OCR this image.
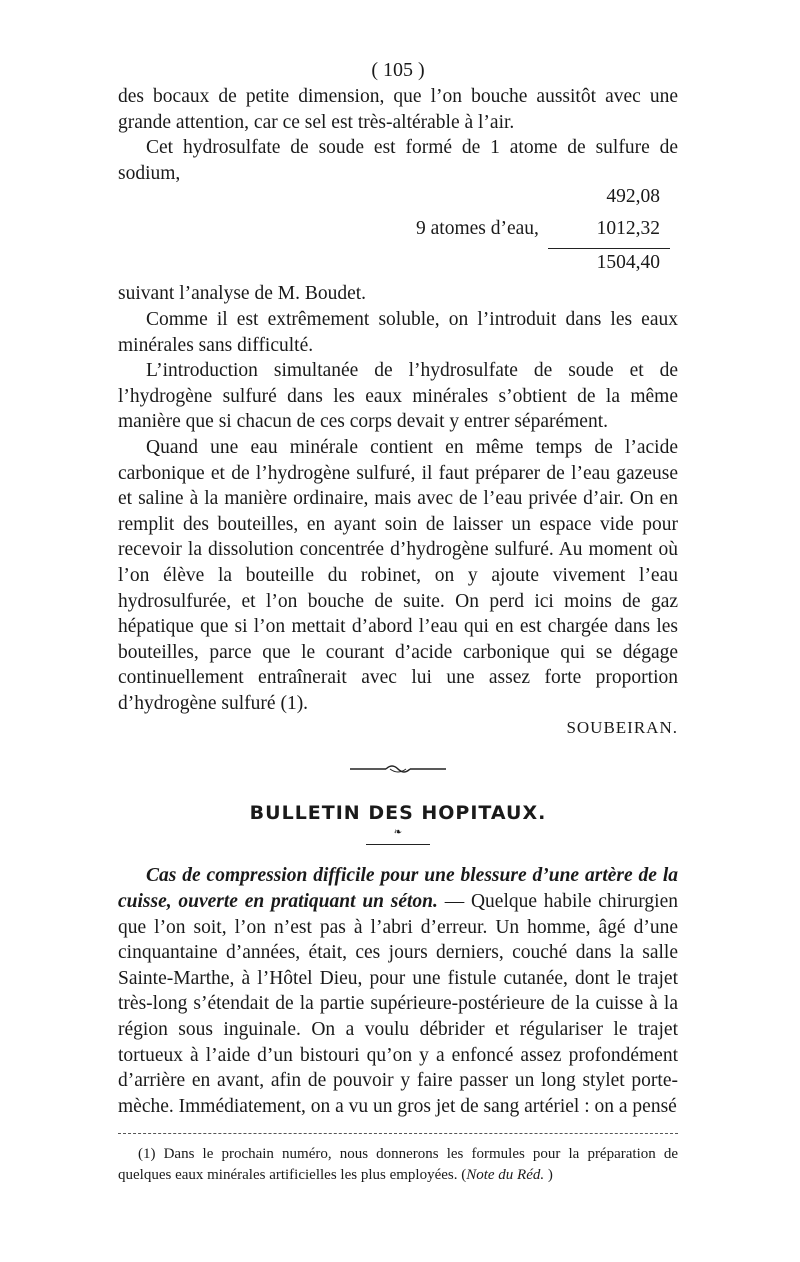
( 105 )

des bocaux de petite dimension, que l’on bouche aussitôt avec une grande attention, car ce sel est très-altérable à l’air.

Cet hydrosulfate de soude est formé de 1 atome de sulfure de sodium,

492,08
9 atomes d’eau,	1012,32
1504,40

suivant l’analyse de M. Boudet.

Comme il est extrêmement soluble, on l’introduit dans les eaux minérales sans difficulté.

L’introduction simultanée de l’hydrosulfate de soude et de l’hydrogène sulfuré dans les eaux minérales s’obtient de la même manière que si chacun de ces corps devait y entrer séparément.

Quand une eau minérale contient en même temps de l’acide carbonique et de l’hydrogène sulfuré, il faut préparer de l’eau gazeuse et saline à la manière ordinaire, mais avec de l’eau privée d’air. On en remplit des bouteilles, en ayant soin de laisser un espace vide pour recevoir la dissolution concentrée d’hydrogène sulfuré. Au moment où l’on élève la bouteille du robinet, on y ajoute vivement l’eau hydrosulfurée, et l’on bouche de suite. On perd ici moins de gaz hépatique que si l’on mettait d’abord l’eau qui en est chargée dans les bouteilles, parce que le courant d’acide carbonique qui se dégage continuellement entraînerait avec lui une assez forte proportion d’hydrogène sulfuré (1).

SOUBEIRAN.
BULLETIN DES HOPITAUX.
❧

Cas de compression difficile pour une blessure d’une artère de la cuisse, ouverte en pratiquant un séton. — Quelque habile chirurgien que l’on soit, l’on n’est pas à l’abri d’erreur. Un homme, âgé d’une cinquantaine d’années, était, ces jours derniers, couché dans la salle Sainte-Marthe, à l’Hôtel Dieu, pour une fistule cutanée, dont le trajet très-long s’étendait de la partie supérieure-postérieure de la cuisse à la région sous inguinale. On a voulu débrider et régulariser le trajet tortueux à l’aide d’un bistouri qu’on y a enfoncé assez profondément d’arrière en avant, afin de pouvoir y faire passer un long stylet porte-mèche. Immédiatement, on a vu un gros jet de sang artériel : on a pensé

(1) Dans le prochain numéro, nous donnerons les formules pour la préparation de quelques eaux minérales artificielles les plus employées. (Note du Réd. )
